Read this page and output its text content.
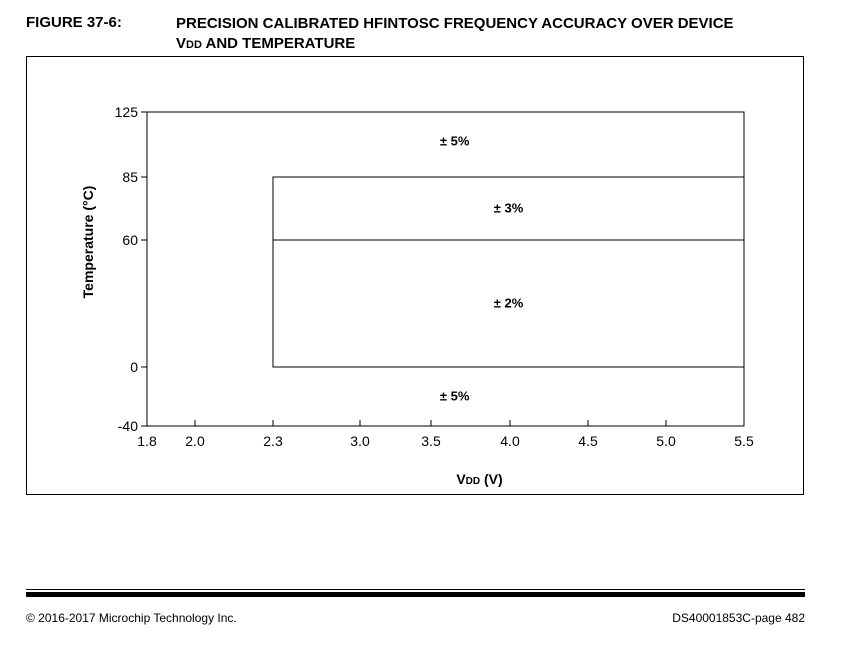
FIGURE 37-6:	PRECISION CALIBRATED HFINTOSC FREQUENCY ACCURACY OVER DEVICE
VDD AND TEMPERATURE
± 3%
± 2%
± 5%
± 5%
-40
0
60
85
125
1.8 2.0	2.3	3.0	3.5	4.0	4.5	5.0	5.5
Temperature (°C)
VDD (V)
© 2016-2017 Microchip Technology Inc.	DS40001853C-page 482
